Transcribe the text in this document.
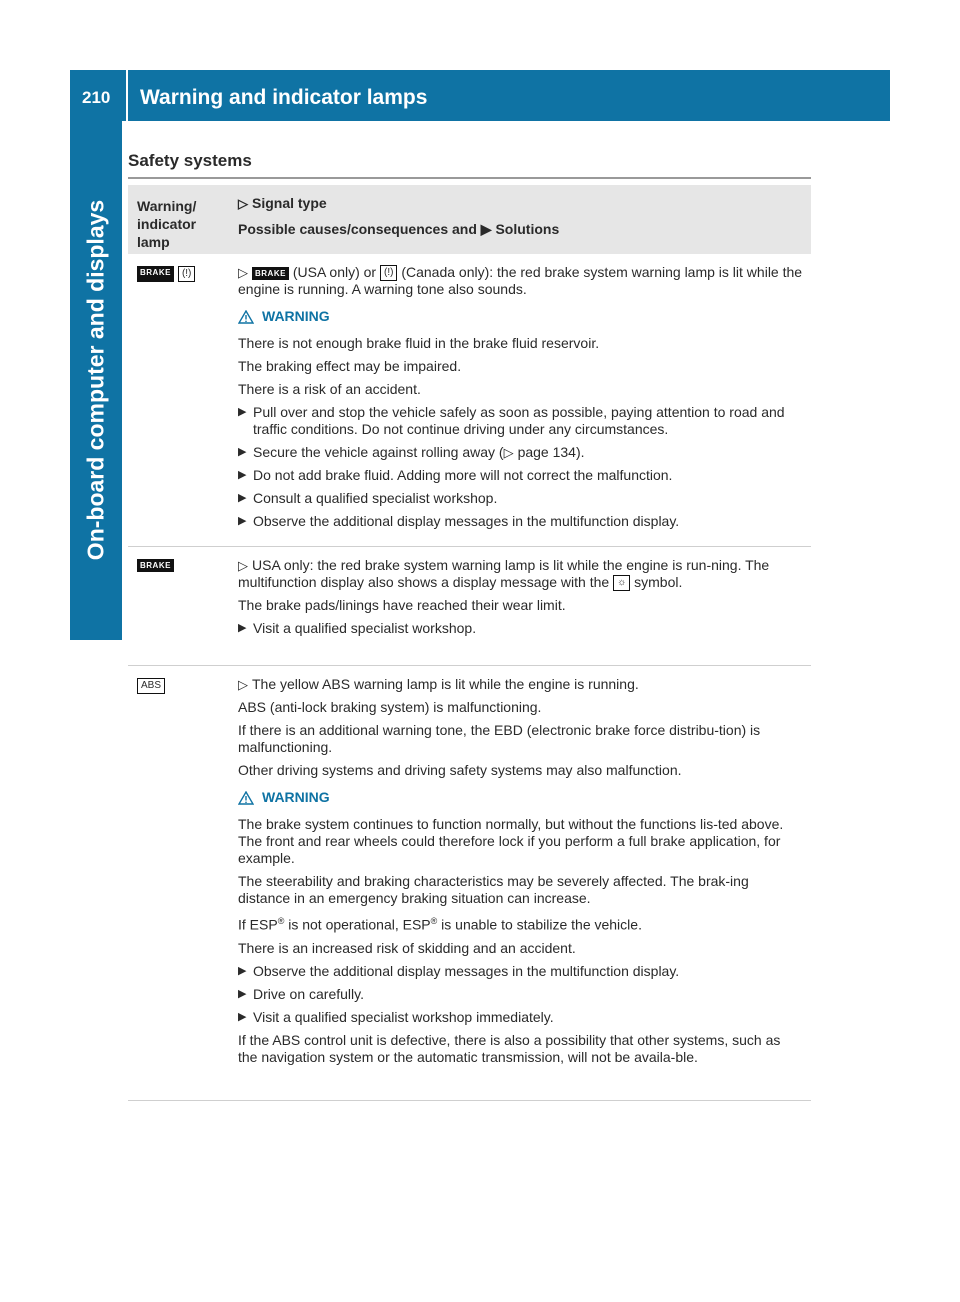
210 Warning and indicator lamps
On-board computer and displays
Safety systems
Warning/ indicator lamp
▷ Signal type
Possible causes/consequences and ▶ Solutions
BRAKE	(!)	▷ BRAKE (USA only) or (!) (Canada only): the red brake system warning lamp is lit while the engine is running. A warning tone also sounds.

WARNING

There is not enough brake fluid in the brake fluid reservoir.

The braking effect may be impaired.

There is a risk of an accident.

▶ Pull over and stop the vehicle safely as soon as possible, paying attention to road and traffic conditions. Do not continue driving under any circumstances.
▶ Secure the vehicle against rolling away (▷ page 134).
▶ Do not add brake fluid. Adding more will not correct the malfunction.
▶ Consult a qualified specialist workshop.
▶ Observe the additional display messages in the multifunction display.
BRAKE	▷ USA only: the red brake system warning lamp is lit while the engine is run-ning. The multifunction display also shows a display message with the ☼ symbol.

The brake pads/linings have reached their wear limit.

▶ Visit a qualified specialist workshop.
ABS	▷ The yellow ABS warning lamp is lit while the engine is running.

ABS (anti-lock braking system) is malfunctioning.

If there is an additional warning tone, the EBD (electronic brake force distribu-tion) is malfunctioning.

Other driving systems and driving safety systems may also malfunction.

WARNING

The brake system continues to function normally, but without the functions lis-ted above. The front and rear wheels could therefore lock if you perform a full brake application, for example.

The steerability and braking characteristics may be severely affected. The brak-ing distance in an emergency braking situation can increase.

If ESP® is not operational, ESP® is unable to stabilize the vehicle.

There is an increased risk of skidding and an accident.

▶ Observe the additional display messages in the multifunction display.
▶ Drive on carefully.
▶ Visit a qualified specialist workshop immediately.

If the ABS control unit is defective, there is also a possibility that other systems, such as the navigation system or the automatic transmission, will not be availa-ble.
